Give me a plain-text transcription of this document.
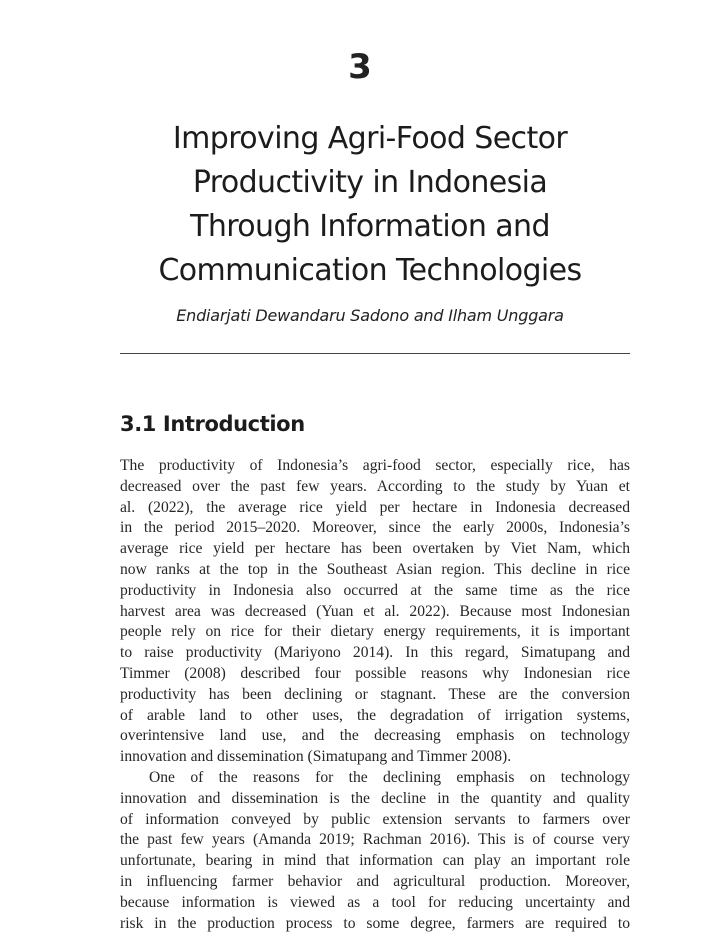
3
Improving Agri-Food Sector
Productivity in Indonesia
Through Information and
Communication Technologies
Endiarjati Dewandaru Sadono and Ilham Unggara
3.1 Introduction
The productivity of Indonesia’s agri-food sector, especially rice, has
decreased over the past few years. According to the study by Yuan et
al. (2022), the average rice yield per hectare in Indonesia decreased
in the period 2015–2020. Moreover, since the early 2000s, Indonesia’s
average rice yield per hectare has been overtaken by Viet Nam, which
now ranks at the top in the Southeast Asian region. This decline in rice
productivity in Indonesia also occurred at the same time as the rice
harvest area was decreased (Yuan et al. 2022). Because most Indonesian
people rely on rice for their dietary energy requirements, it is important
to raise productivity (Mariyono 2014). In this regard, Simatupang and
Timmer (2008) described four possible reasons why Indonesian rice
productivity has been declining or stagnant. These are the conversion
of arable land to other uses, the degradation of irrigation systems,
overintensive land use, and the decreasing emphasis on technology
innovation and dissemination (Simatupang and Timmer 2008).
One of the reasons for the declining emphasis on technology
innovation and dissemination is the decline in the quantity and quality
of information conveyed by public extension servants to farmers over
the past few years (Amanda 2019; Rachman 2016). This is of course very
unfortunate, bearing in mind that information can play an important role
in influencing farmer behavior and agricultural production. Moreover,
because information is viewed as a tool for reducing uncertainty and
risk in the production process to some degree, farmers are required to
